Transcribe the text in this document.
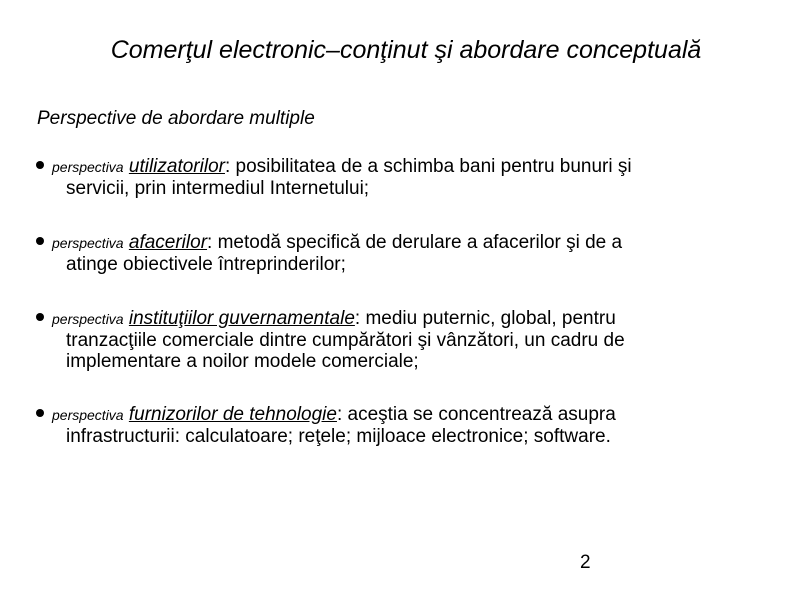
Comerţul electronic–conţinut şi abordare conceptuală
Perspective de abordare multiple
perspectiva utilizatorilor: posibilitatea de a schimba bani pentru bunuri şi
servicii, prin intermediul Internetului;
perspectiva afacerilor: metodă specifică de derulare a afacerilor şi de a
atinge obiectivele întreprinderilor;
perspectiva instituţiilor guvernamentale: mediu puternic, global, pentru
tranzacţiile comerciale dintre cumpărători şi vânzători, un cadru de
implementare a noilor modele comerciale;
perspectiva furnizorilor de tehnologie: aceştia se concentrează asupra
infrastructurii: calculatoare; reţele; mijloace electronice; software.
2
